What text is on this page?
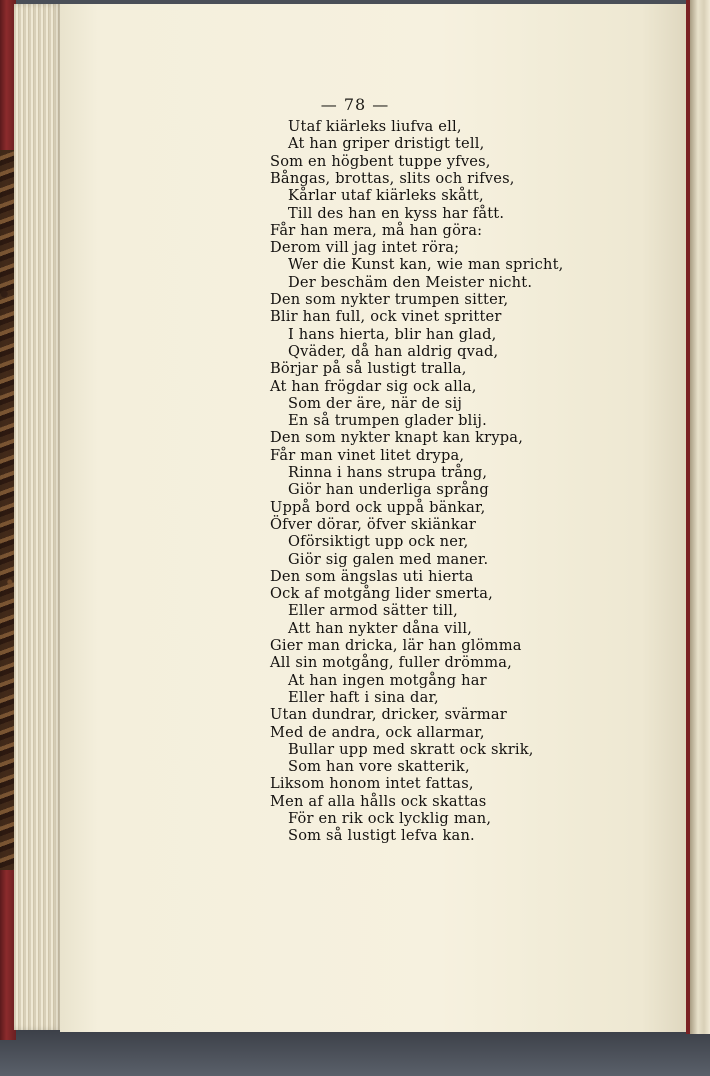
— 78 —
Utaf kiärleks liufva ell,
At han griper dristigt tell,
Som en högbent tuppe yfves,
Bångas, brottas, slits och rifves,
Kårlar utaf kiärleks skått,
Till des han en kyss har fått.
Får han mera, må han göra:
Derom vill jag intet röra;
Wer die Kunst kan, wie man spricht,
Der beschäm den Meister nicht.
Den som nykter trumpen sitter,
Blir han full, ock vinet spritter
I hans hierta, blir han glad,
Qväder, då han aldrig qvad,
Börjar på så lustigt tralla,
At han frögdar sig ock alla,
Som der äre, när de sij
En så trumpen glader blij.
Den som nykter knapt kan krypa,
Får man vinet litet drypa,
Rinna i hans strupa trång,
Giör han underliga språng
Uppå bord ock uppå bänkar,
Öfver dörar, öfver skiänkar
Oförsiktigt upp ock ner,
Giör sig galen med maner.
Den som ängslas uti hierta
Ock af motgång lider smerta,
Eller armod sätter till,
Att han nykter dåna vill,
Gier man dricka, lär han glömma
All sin motgång, fuller drömma,
At han ingen motgång har
Eller haft i sina dar,
Utan dundrar, dricker, svärmar
Med de andra, ock allarmar,
Bullar upp med skratt ock skrik,
Som han vore skatterik,
Liksom honom intet fattas,
Men af alla hålls ock skattas
För en rik ock lycklig man,
Som så lustigt lefva kan.
